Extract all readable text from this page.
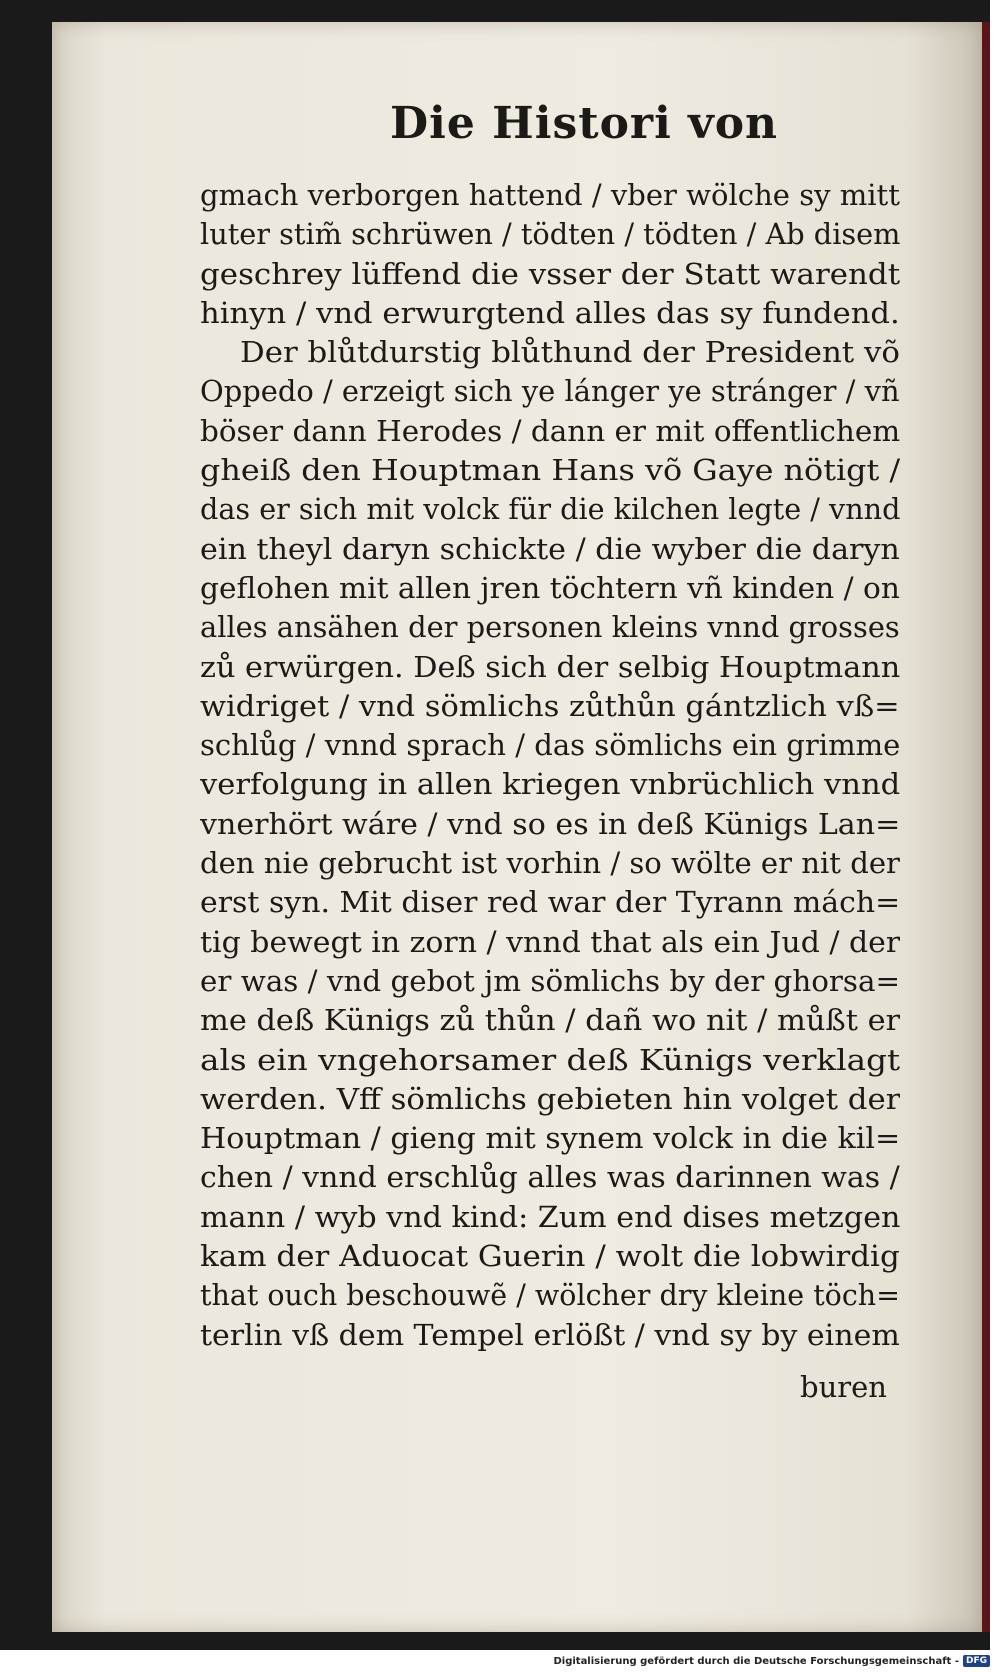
Die Histori von
gmach verborgen hattend / vber wölche sy mitt
luter stim̃ schrüwen / tödten / tödten / Ab disem
geschrey lüffend die vsser der Statt warendt
hinyn / vnd erwurgtend alles das sy fundend.
Der blůtdurstig blůthund der President võ
Oppedo / erzeigt sich ye lánger ye stránger / vñ
böser dann Herodes / dann er mit offentlichem
gheiß den Houptman Hans võ Gaye nötigt /
das er sich mit volck für die kilchen legte / vnnd
ein theyl daryn schickte / die wyber die daryn
geflohen mit allen jren töchtern vñ kinden / on
alles ansähen der personen kleins vnnd grosses
zů erwürgen. Deß sich der selbig Houptmann
widriget / vnd sömlichs zůthůn gántzlich vß=
schlůg / vnnd sprach / das sömlichs ein grimme
verfolgung in allen kriegen vnbrüchlich vnnd
vnerhört wáre / vnd so es in deß Künigs Lan=
den nie gebrucht ist vorhin / so wölte er nit der
erst syn. Mit diser red war der Tyrann mách=
tig bewegt in zorn / vnnd that als ein Jud / der
er was / vnd gebot jm sömlichs by der ghorsa=
me deß Künigs zů thůn / dañ wo nit / můßt er
als ein vngehorsamer deß Künigs verklagt
werden. Vff sömlichs gebieten hin volget der
Houptman / gieng mit synem volck in die kil=
chen / vnnd erschlůg alles was darinnen was /
mann / wyb vnd kind: Zum end dises metzgen
kam der Aduocat Guerin / wolt die lobwirdig
that ouch beschouwẽ / wölcher dry kleine töch=
terlin vß dem Tempel erlößt / vnd sy by einem
buren
Digitalisierung gefördert durch die Deutsche Forschungsgemeinschaft - DFG
